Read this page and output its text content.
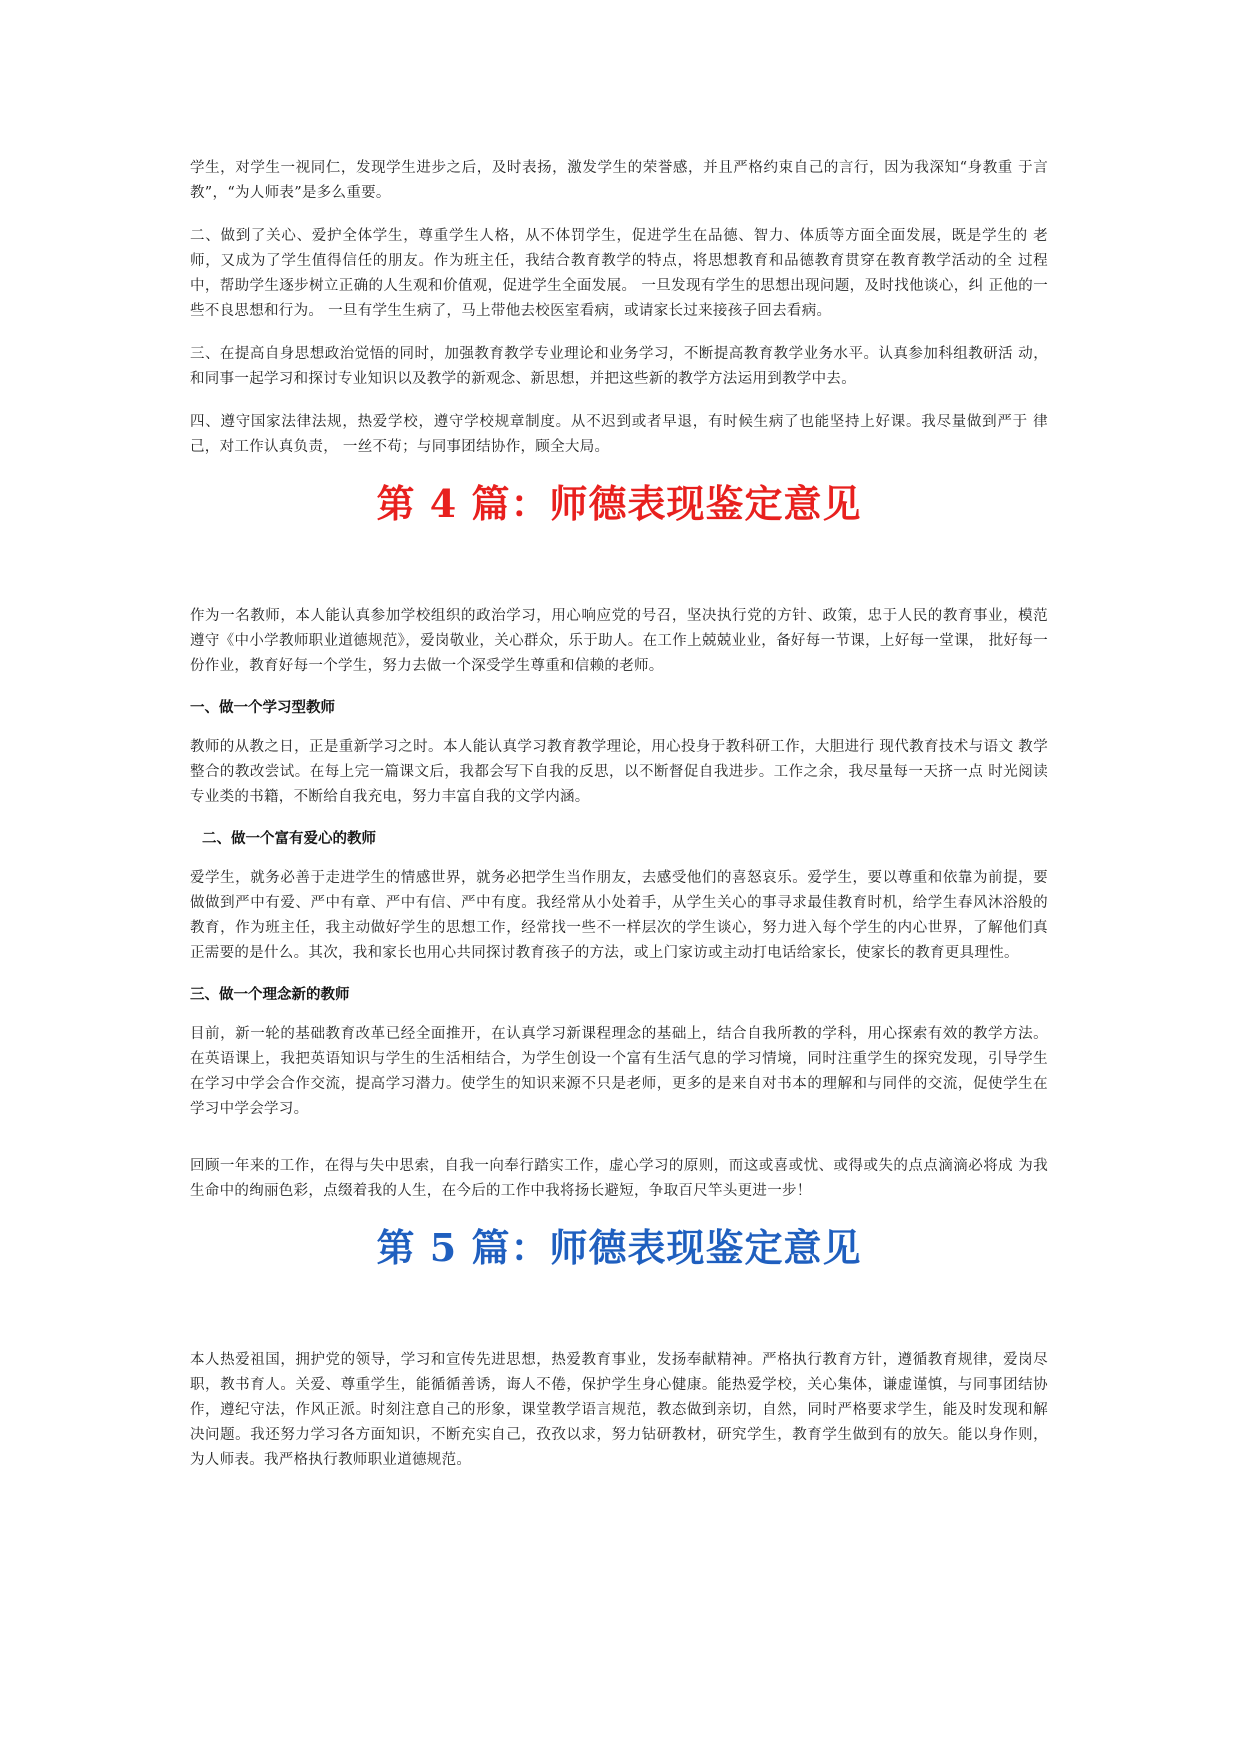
学生，对学生一视同仁，发现学生进步之后，及时表扬，激发学生的荣誉感，并且严格约束自己的言行，因为我深知“身教重 于言教”，“为人师表”是多么重要。

二、做到了关心、爱护全体学生，尊重学生人格，从不体罚学生，促进学生在品德、智力、体质等方面全面发展，既是学生的 老师，又成为了学生值得信任的朋友。作为班主任，我结合教育教学的特点，将思想教育和品德教育贯穿在教育教学活动的全 过程中，帮助学生逐步树立正确的人生观和价值观，促进学生全面发展。 一旦发现有学生的思想出现问题，及时找他谈心，纠 正他的一些不良思想和行为。 一旦有学生生病了，马上带他去校医室看病，或请家长过来接孩子回去看病。

三、在提高自身思想政治觉悟的同时，加强教育教学专业理论和业务学习，不断提高教育教学业务水平。认真参加科组教研活 动，和同事一起学习和探讨专业知识以及教学的新观念、新思想，并把这些新的教学方法运用到教学中去。

四、遵守国家法律法规，热爱学校，遵守学校规章制度。从不迟到或者早退，有时候生病了也能坚持上好课。我尽量做到严于 律己，对工作认真负责， 一丝不苟；与同事团结协作，顾全大局。

第 4 篇：师德表现鉴定意见

作为一名教师，本人能认真参加学校组织的政治学习，用心响应党的号召，坚决执行党的方针、政策，忠于人民的教育事业，模范遵守《中小学教师职业道德规范》，爱岗敬业，关心群众，乐于助人。在工作上兢兢业业，备好每一节课，上好每一堂课， 批好每一份作业，教育好每一个学生，努力去做一个深受学生尊重和信赖的老师。

一、做一个学习型教师

教师的从教之日，正是重新学习之时。本人能认真学习教育教学理论，用心投身于教科研工作，大胆进行 现代教育技术与语文 教学整合的教改尝试。在每上完一篇课文后，我都会写下自我的反思，以不断督促自我进步。工作之余，我尽量每一天挤一点 时光阅读专业类的书籍，不断给自我充电，努力丰富自我的文学内涵。

二、做一个富有爱心的教师

爱学生，就务必善于走进学生的情感世界，就务必把学生当作朋友，去感受他们的喜怒哀乐。爱学生，要以尊重和依靠为前提，要做做到严中有爱、严中有章、严中有信、严中有度。我经常从小处着手，从学生关心的事寻求最佳教育时机，给学生春风沐浴般的教育，作为班主任，我主动做好学生的思想工作，经常找一些不一样层次的学生谈心，努力进入每个学生的内心世界，了解他们真正需要的是什么。其次，我和家长也用心共同探讨教育孩子的方法，或上门家访或主动打电话给家长，使家长的教育更具理性。

三、做一个理念新的教师

目前，新一轮的基础教育改革已经全面推开，在认真学习新课程理念的基础上，结合自我所教的学科，用心探索有效的教学方法。在英语课上，我把英语知识与学生的生活相结合，为学生创设一个富有生活气息的学习情境，同时注重学生的探究发现，引导学生在学习中学会合作交流，提高学习潜力。使学生的知识来源不只是老师，更多的是来自对书本的理解和与同伴的交流，促使学生在学习中学会学习。

回顾一年来的工作，在得与失中思索，自我一向奉行踏实工作，虚心学习的原则，而这或喜或忧、或得或失的点点滴滴必将成 为我生命中的绚丽色彩，点缀着我的人生，在今后的工作中我将扬长避短，争取百尺竿头更进一步！

第 5 篇：师德表现鉴定意见

本人热爱祖国，拥护党的领导，学习和宣传先进思想，热爱教育事业，发扬奉献精神。严格执行教育方针，遵循教育规律，爱岗尽职，教书育人。关爱、尊重学生，能循循善诱，诲人不倦，保护学生身心健康。能热爱学校，关心集体，谦虚谨慎，与同事团结协作，遵纪守法，作风正派。时刻注意自己的形象，课堂教学语言规范，教态做到亲切，自然，同时严格要求学生，能及时发现和解决问题。我还努力学习各方面知识，不断充实自己，孜孜以求，努力钻研教材，研究学生，教育学生做到有的放矢。能以身作则，为人师表。我严格执行教师职业道德规范。
